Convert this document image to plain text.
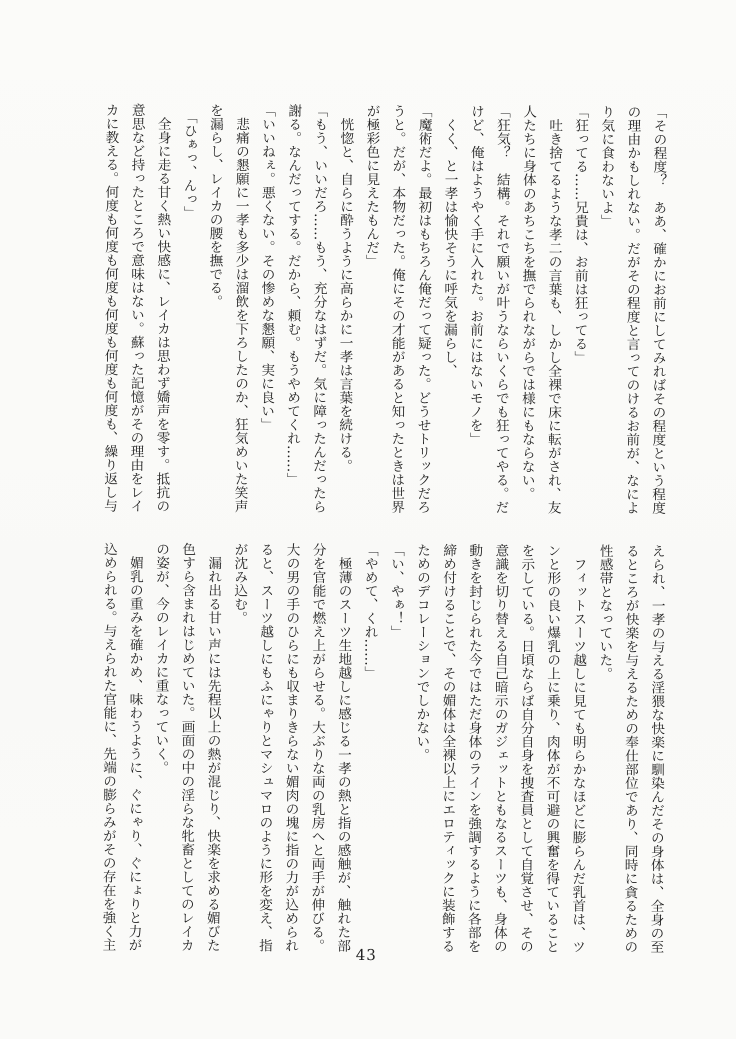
「その程度？　ああ、確かにお前にしてみればその程度という程度

の理由かもしれない。だがその程度と言ってのけるお前が、なによ

り気に食わないよ」

「狂ってる……兄貴は、お前は狂ってる」

　吐き捨てるような孝二の言葉も、しかし全裸で床に転がされ、友

人たちに身体のあちこちを撫でられながらでは様にもならない。

「狂気？　結構。それで願いが叶うならいくらでも狂ってやる。だ

けど、俺はようやく手に入れた。お前にはないモノを」

　くく、と一孝は愉快そうに呼気を漏らし、

「魔術だよ。最初はもちろん俺だって疑った。どうせトリックだろ

うと。だが、本物だった。俺にその才能があると知ったときは世界

が極彩色に見えたもんだ」

　恍惚と、自らに酔うように高らかに一孝は言葉を続ける。

「もう、いいだろ……もう、充分なはずだ。気に障ったんだったら

謝る。なんだってする。だから、頼む。もうやめてくれ……」

「いいねぇ。悪くない。その惨めな懇願、実に良い」

　悲痛の懇願に一孝も多少は溜飲を下ろしたのか、狂気めいた笑声

を漏らし、レイカの腰を撫でる。

　「ひぁっ、んっ」

　全身に走る甘く熱い快感に、レイカは思わず嬌声を零す。抵抗の

意思など持ったところで意味はない。蘇った記憶がその理由をレイ

カに教える。何度も何度も何度も何度も何度も何度も、繰り返し与

えられ、一孝の与える淫猥な快楽に馴染んだその身体は、全身の至

るところが快楽を与えるための奉仕部位であり、同時に貪るための

性感帯となっていた。

　フィットスーツ越しに見ても明らかなほどに膨らんだ乳首は、ツ

ンと形の良い爆乳の上に乗り、肉体が不可避の興奮を得ていること

を示している。日頃ならば自分自身を捜査員として自覚させ、その

意識を切り替える自己暗示のガジェットともなるスーツも、身体の

動きを封じられた今ではただ身体のラインを強調するように各部を

締め付けることで、その媚体は全裸以上にエロティックに装飾する

ためのデコレーションでしかない。

「い、やぁ！」

「やめて、くれ……」

　極薄のスーツ生地越しに感じる一孝の熱と指の感触が、触れた部

分を官能で燃え上がらせる。大ぶりな両の乳房へと両手が伸びる。

大の男の手のひらにも収まりきらない媚肉の塊に指の力が込められ

ると、スーツ越しにもふにゃりとマシュマロのように形を変え、指

が沈み込む。

　漏れ出る甘い声には先程以上の熱が混じり、快楽を求める媚びた

色すら含まれはじめていた。画面の中の淫らな牝畜としてのレイカ

の姿が、今のレイカに重なっていく。

　媚乳の重みを確かめ、味わうように、ぐにゃり、ぐにょりと力が

込められる。与えられた官能に、先端の膨らみがその存在を強く主

43
